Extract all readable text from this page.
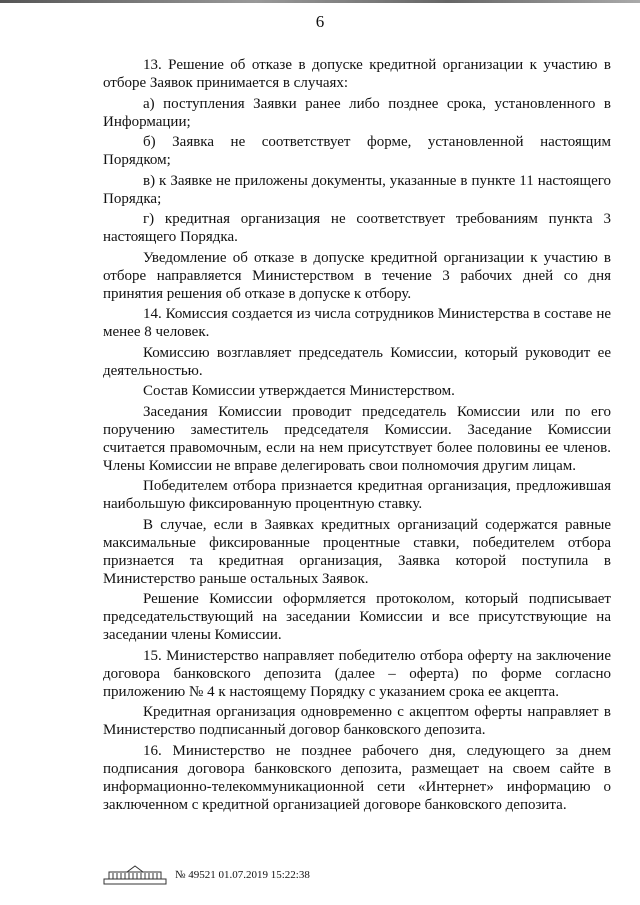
6

13. Решение об отказе в допуске кредитной организации к участию в отборе Заявок принимается в случаях:

а) поступления Заявки ранее либо позднее срока, установленного в Информации;

б) Заявка не соответствует форме, установленной настоящим Порядком;

в) к Заявке не приложены документы, указанные в пункте 11 настоящего Порядка;

г) кредитная организация не соответствует требованиям пункта 3 настоящего Порядка.

Уведомление об отказе в допуске кредитной организации к участию в отборе направляется Министерством в течение 3 рабочих дней со дня принятия решения об отказе в допуске к отбору.

14. Комиссия создается из числа сотрудников Министерства в составе не менее 8 человек.

Комиссию возглавляет председатель Комиссии, который руководит ее деятельностью.

Состав Комиссии утверждается Министерством.

Заседания Комиссии проводит председатель Комиссии или по его поручению заместитель председателя Комиссии. Заседание Комиссии считается правомочным, если на нем присутствует более половины ее членов. Члены Комиссии не вправе делегировать свои полномочия другим лицам.

Победителем отбора признается кредитная организация, предложившая наибольшую фиксированную процентную ставку.

В случае, если в Заявках кредитных организаций содержатся равные максимальные фиксированные процентные ставки, победителем отбора признается та кредитная организация, Заявка которой поступила в Министерство раньше остальных Заявок.

Решение Комиссии оформляется протоколом, который подписывает председательствующий на заседании Комиссии и все присутствующие на заседании члены Комиссии.

15. Министерство направляет победителю отбора оферту на заключение договора банковского депозита (далее – оферта) по форме согласно приложению № 4 к настоящему Порядку с указанием срока ее акцепта.

Кредитная организация одновременно с акцептом оферты направляет в Министерство подписанный договор банковского депозита.

16. Министерство не позднее рабочего дня, следующего за днем подписания договора банковского депозита, размещает на своем сайте в информационно-телекоммуникационной сети «Интернет» информацию о заключенном с кредитной организацией договоре банковского депозита.

№ 49521 01.07.2019 15:22:38
